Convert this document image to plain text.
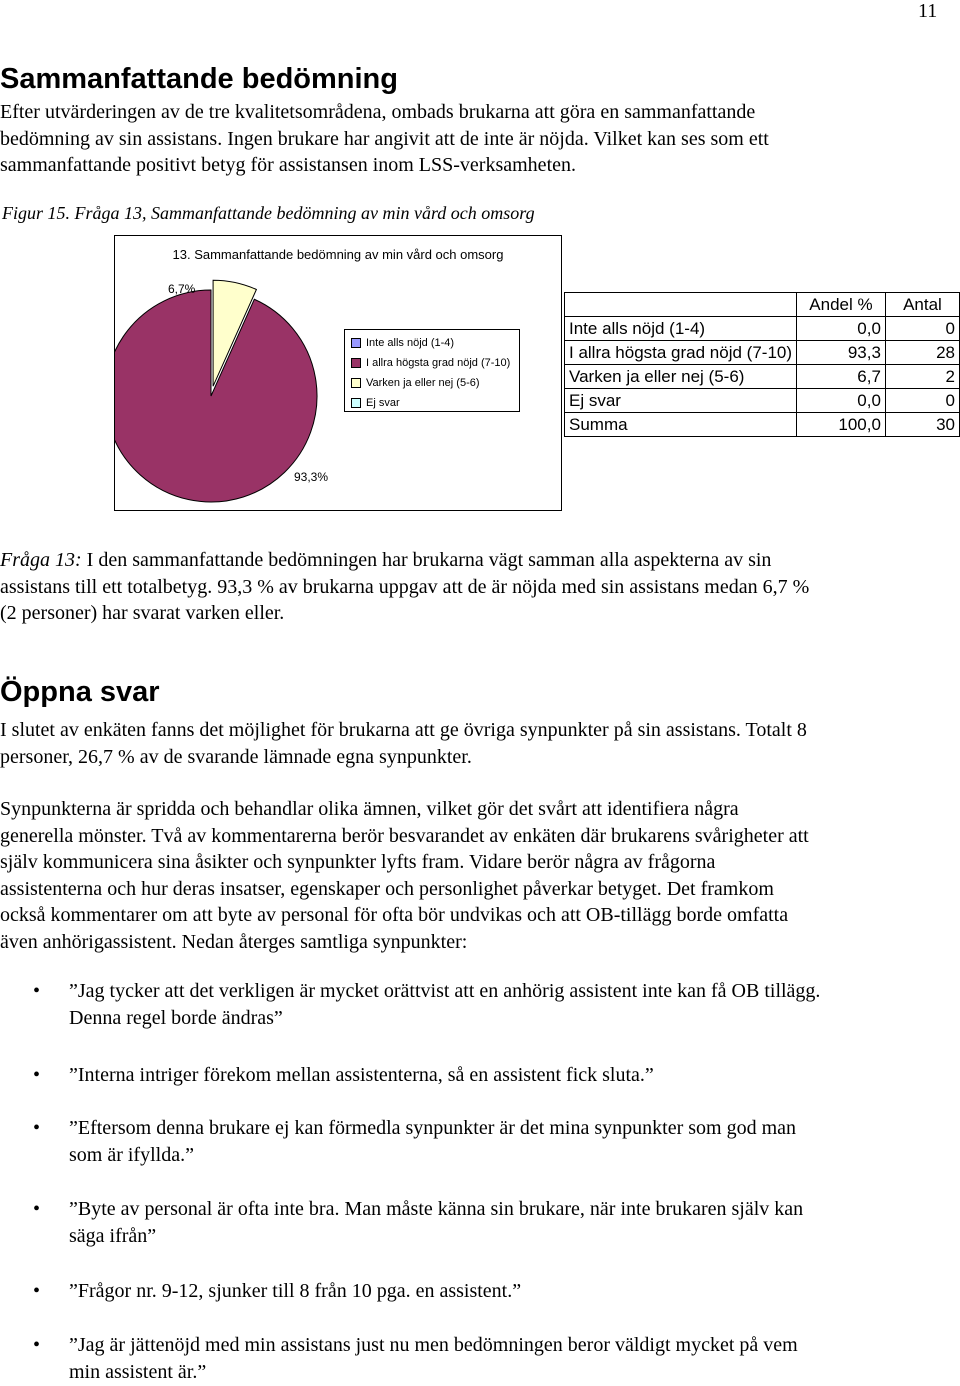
11
Sammanfattande bedömning
Efter utvärderingen av de tre kvalitetsområdena, ombads brukarna att göra en sammanfattande
bedömning av sin assistans. Ingen brukare har angivit att de inte är nöjda. Vilket kan ses som ett
sammanfattande positivt betyg för assistansen inom LSS-verksamheten.
Figur 15. Fråga 13, Sammanfattande bedömning av min vård och omsorg
13. Sammanfattande bedömning av min vård och omsorg
6,7%
93,3%
Inte alls nöjd (1-4)
I allra högsta grad nöjd (7-10)
Varken ja eller nej (5-6)
Ej svar
	Andel %	Antal
Inte alls nöjd (1-4)	0,0	0
I allra högsta grad nöjd (7-10)	93,3	28
Varken ja eller nej (5-6)	6,7	2
Ej svar	0,0	0
Summa	100,0	30
Fråga 13: I den sammanfattande bedömningen har brukarna vägt samman alla aspekterna av sin
assistans till ett totalbetyg. 93,3 % av brukarna uppgav att de är nöjda med sin assistans medan 6,7 %
(2 personer) har svarat varken eller.
Öppna svar
I slutet av enkäten fanns det möjlighet för brukarna att ge övriga synpunkter på sin assistans. Totalt 8
personer, 26,7 % av de svarande lämnade egna synpunkter.
Synpunkterna är spridda och behandlar olika ämnen, vilket gör det svårt att identifiera några
generella mönster. Två av kommentarerna berör besvarandet av enkäten där brukarens svårigheter att
själv kommunicera sina åsikter och synpunkter lyfts fram. Vidare berör några av frågorna
assistenterna och hur deras insatser, egenskaper och personlighet påverkar betyget. Det framkom
också kommentarer om att byte av personal för ofta bör undvikas och att OB-tillägg borde omfatta
även anhörigassistent. Nedan återges samtliga synpunkter:
• ”Jag tycker att det verkligen är mycket orättvist att en anhörig assistent inte kan få OB tillägg.
Denna regel borde ändras”
• ”Interna intriger förekom mellan assistenterna, så en assistent fick sluta.”
• ”Eftersom denna brukare ej kan förmedla synpunkter är det mina synpunkter som god man
som är ifyllda.”
• ”Byte av personal är ofta inte bra. Man måste känna sin brukare, när inte brukaren själv kan
säga ifrån”
• ”Frågor nr. 9-12, sjunker till 8 från 10 pga. en assistent.”
• ”Jag är jättenöjd med min assistans just nu men bedömningen beror väldigt mycket på vem
min assistent är.”
